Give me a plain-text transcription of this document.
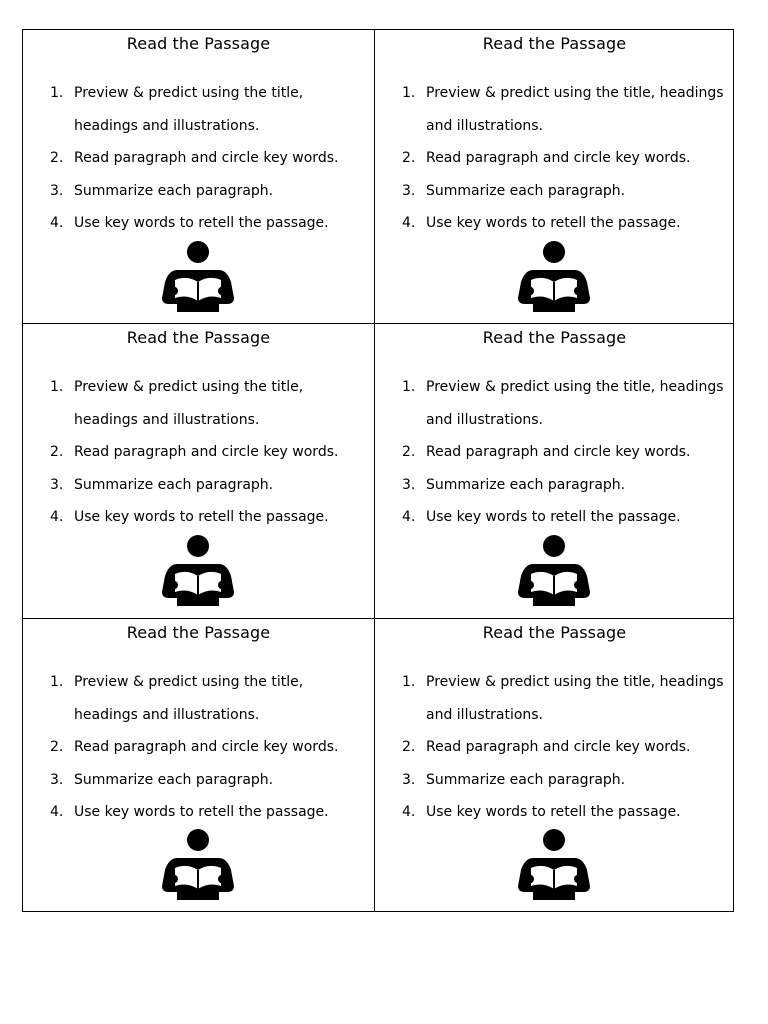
Read the Passage
1. Preview & predict using the title, headings and illustrations.
2. Read paragraph and circle key words.
3. Summarize each paragraph.
4. Use key words to retell the passage.
Read the Passage
1. Preview & predict using the title, headings and illustrations.
2. Read paragraph and circle key words.
3. Summarize each paragraph.
4. Use key words to retell the passage.
Read the Passage
1. Preview & predict using the title, headings and illustrations.
2. Read paragraph and circle key words.
3. Summarize each paragraph.
4. Use key words to retell the passage.
Read the Passage
1. Preview & predict using the title, headings and illustrations.
2. Read paragraph and circle key words.
3. Summarize each paragraph.
4. Use key words to retell the passage.
Read the Passage
1. Preview & predict using the title, headings and illustrations.
2. Read paragraph and circle key words.
3. Summarize each paragraph.
4. Use key words to retell the passage.
Read the Passage
1. Preview & predict using the title, headings and illustrations.
2. Read paragraph and circle key words.
3. Summarize each paragraph.
4. Use key words to retell the passage.
